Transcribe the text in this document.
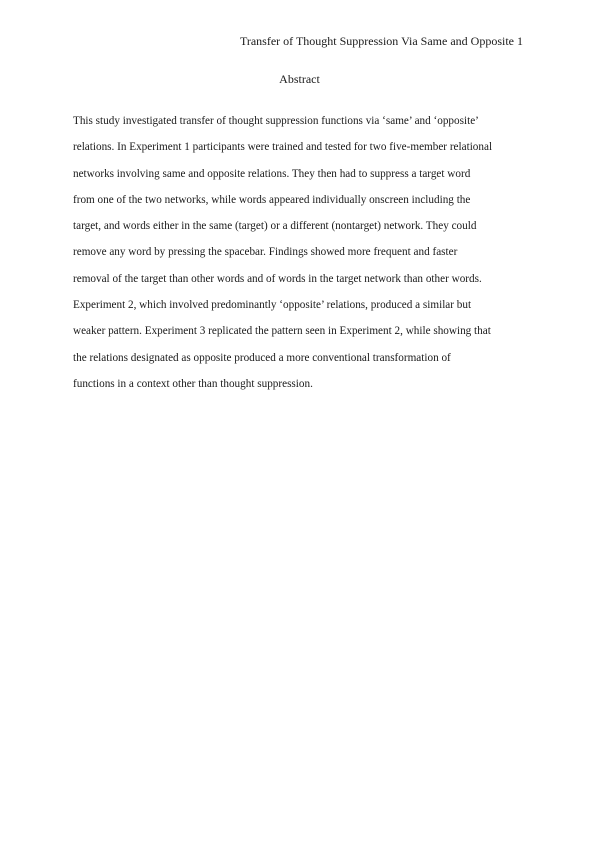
Transfer of Thought Suppression Via Same and Opposite 1
Abstract
This study investigated transfer of thought suppression functions via ‘same’ and ‘opposite’
relations. In Experiment 1 participants were trained and tested for two five-member relational
networks involving same and opposite relations. They then had to suppress a target word
from one of the two networks, while words appeared individually onscreen including the
target, and words either in the same (target) or a different (nontarget) network. They could
remove any word by pressing the spacebar. Findings showed more frequent and faster
removal of the target than other words and of words in the target network than other words.
Experiment 2, which involved predominantly ‘opposite’ relations, produced a similar but
weaker pattern. Experiment 3 replicated the pattern seen in Experiment 2, while showing that
the relations designated as opposite produced a more conventional transformation of
functions in a context other than thought suppression.
